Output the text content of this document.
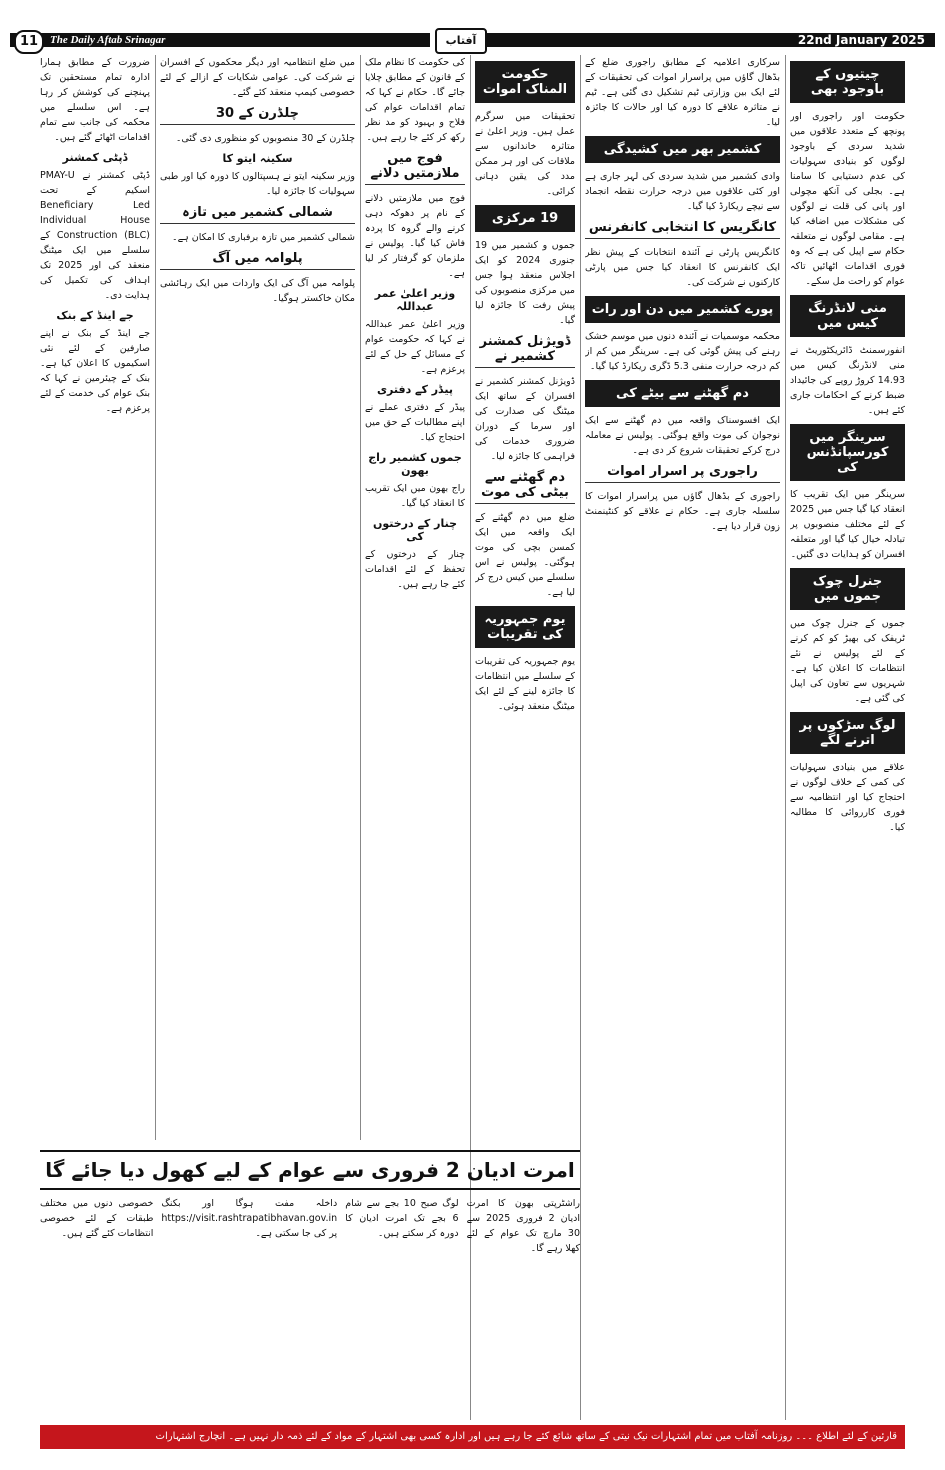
11	The Daily Aftab Srinagar	آفتاب	22nd January 2025
چیتیوں کے باوجود بھی

حکومت اور راجوری اور پونچھ کے متعدد علاقوں میں شدید سردی کے باوجود لوگوں کو بنیادی سہولیات کی عدم دستیابی کا سامنا ہے۔ بجلی کی آنکھ مچولی اور پانی کی قلت نے لوگوں کی مشکلات میں اضافہ کیا ہے۔ مقامی لوگوں نے متعلقہ حکام سے اپیل کی ہے کہ وہ فوری اقدامات اٹھائیں تاکہ عوام کو راحت مل سکے۔

منی لانڈرنگ کیس میں

انفورسمنٹ ڈائریکٹوریٹ نے منی لانڈرنگ کیس میں 14.93 کروڑ روپے کی جائیداد ضبط کرنے کے احکامات جاری کئے ہیں۔

سرینگر میں کورسپانڈنس کی

سرینگر میں ایک تقریب کا انعقاد کیا گیا جس میں 2025 کے لئے مختلف منصوبوں پر تبادلہ خیال کیا گیا اور متعلقہ افسران کو ہدایات دی گئیں۔

جنرل چوک جموں میں

جموں کے جنرل چوک میں ٹریفک کی بھیڑ کو کم کرنے کے لئے پولیس نے نئے انتظامات کا اعلان کیا ہے۔ شہریوں سے تعاون کی اپیل کی گئی ہے۔

لوگ سڑکوں پر اترنے لگے

علاقے میں بنیادی سہولیات کی کمی کے خلاف لوگوں نے احتجاج کیا اور انتظامیہ سے فوری کارروائی کا مطالبہ کیا۔

سرکاری اعلامیہ کے مطابق راجوری ضلع کے بڈھال گاؤں میں پراسرار اموات کی تحقیقات کے لئے ایک بین وزارتی ٹیم تشکیل دی گئی ہے۔ ٹیم نے متاثرہ علاقے کا دورہ کیا اور حالات کا جائزہ لیا۔

کشمیر بھر میں کشیدگی

وادی کشمیر میں شدید سردی کی لہر جاری ہے اور کئی علاقوں میں درجہ حرارت نقطہ انجماد سے نیچے ریکارڈ کیا گیا۔

کانگریس کا انتخابی کانفرنس

کانگریس پارٹی نے آئندہ انتخابات کے پیش نظر ایک کانفرنس کا انعقاد کیا جس میں پارٹی کارکنوں نے شرکت کی۔

پورے کشمیر میں دن اور رات

محکمہ موسمیات نے آئندہ دنوں میں موسم خشک رہنے کی پیش گوئی کی ہے۔ سرینگر میں کم از کم درجہ حرارت منفی 5.3 ڈگری ریکارڈ کیا گیا۔

دم گھٹنے سے بیٹے کی

ایک افسوسناک واقعہ میں دم گھٹنے سے ایک نوجوان کی موت واقع ہوگئی۔ پولیس نے معاملہ درج کرکے تحقیقات شروع کر دی ہے۔

راجوری پر اسرار اموات

راجوری کے بڈھال گاؤں میں پراسرار اموات کا سلسلہ جاری ہے۔ حکام نے علاقے کو کنٹینمنٹ زون قرار دیا ہے۔

حکومت المناک اموات

تحقیقات میں سرگرم عمل ہیں۔ وزیر اعلیٰ نے متاثرہ خاندانوں سے ملاقات کی اور ہر ممکن مدد کی یقین دہانی کرائی۔

19 مرکزی

جموں و کشمیر میں 19 جنوری 2024 کو ایک اجلاس منعقد ہوا جس میں مرکزی منصوبوں کی پیش رفت کا جائزہ لیا گیا۔

ڈویژنل کمشنر کشمیر نے

ڈویژنل کمشنر کشمیر نے افسران کے ساتھ ایک میٹنگ کی صدارت کی اور سرما کے دوران ضروری خدمات کی فراہمی کا جائزہ لیا۔

دم گھٹنے سے بیٹی کی موت

ضلع میں دم گھٹنے کے ایک واقعہ میں ایک کمسن بچی کی موت ہوگئی۔ پولیس نے اس سلسلے میں کیس درج کر لیا ہے۔

یوم جمہوریہ کی تقریبات

یوم جمہوریہ کی تقریبات کے سلسلے میں انتظامات کا جائزہ لینے کے لئے ایک میٹنگ منعقد ہوئی۔

کی حکومت کا نظام ملک کے قانون کے مطابق چلایا جائے گا۔ حکام نے کہا کہ تمام اقدامات عوام کی فلاح و بہبود کو مد نظر رکھ کر کئے جا رہے ہیں۔

فوج میں ملازمتیں دلانے

فوج میں ملازمتیں دلانے کے نام پر دھوکہ دہی کرنے والے گروہ کا پردہ فاش کیا گیا۔ پولیس نے ملزمان کو گرفتار کر لیا ہے۔

وزیر اعلیٰ عمر عبداللہ

وزیر اعلیٰ عمر عبداللہ نے کہا کہ حکومت عوام کے مسائل کے حل کے لئے پرعزم ہے۔

پیڈر کے دفتری

پیڈر کے دفتری عملے نے اپنے مطالبات کے حق میں احتجاج کیا۔

جموں کشمیر راج بھون

راج بھون میں ایک تقریب کا انعقاد کیا گیا۔

چنار کے درختوں کی

چنار کے درختوں کے تحفظ کے لئے اقدامات کئے جا رہے ہیں۔

میں ضلع انتظامیہ اور دیگر محکموں کے افسران نے شرکت کی۔ عوامی شکایات کے ازالے کے لئے خصوصی کیمپ منعقد کئے گئے۔

چلڈرن کے 30

چلڈرن کے 30 منصوبوں کو منظوری دی گئی۔

سکینہ ایتو کا

وزیر سکینہ ایتو نے ہسپتالوں کا دورہ کیا اور طبی سہولیات کا جائزہ لیا۔

شمالی کشمیر میں تازہ

شمالی کشمیر میں تازہ برفباری کا امکان ہے۔

پلوامہ میں آگ

پلوامہ میں آگ کی ایک واردات میں ایک رہائشی مکان خاکستر ہوگیا۔

ضرورت کے مطابق ہمارا ادارہ تمام مستحقین تک پہنچنے کی کوشش کر رہا ہے۔ اس سلسلے میں محکمہ کی جانب سے تمام اقدامات اٹھائے گئے ہیں۔

ڈپٹی کمشنر

ڈپٹی کمشنر نے PMAY-U اسکیم کے تحت Beneficiary Led Individual House Construction (BLC) کے سلسلے میں ایک میٹنگ منعقد کی اور 2025 تک اہداف کی تکمیل کی ہدایت دی۔

جے اینڈ کے بنک

جے اینڈ کے بنک نے اپنے صارفین کے لئے نئی اسکیموں کا اعلان کیا ہے۔ بنک کے چیئرمین نے کہا کہ بنک عوام کی خدمت کے لئے پرعزم ہے۔

امرت ادیان 2 فروری سے عوام کے لیے کھول دیا جائے گا

راشٹرپتی بھون کا امرت ادیان 2 فروری 2025 سے 30 مارچ تک عوام کے لئے کھلا رہے گا۔

لوگ صبح 10 بجے سے شام 6 بجے تک امرت ادیان کا دورہ کر سکتے ہیں۔

داخلہ مفت ہوگا اور بکنگ https://visit.rashtrapatibhavan.gov.in پر کی جا سکتی ہے۔

خصوصی دنوں میں مختلف طبقات کے لئے خصوصی انتظامات کئے گئے ہیں۔

قارئین کے لئے اطلاع ۔۔۔ روزنامہ آفتاب میں تمام اشتہارات نیک نیتی کے ساتھ شائع کئے جا رہے ہیں اور ادارہ کسی بھی اشتہار کے مواد کے لئے ذمہ دار نہیں ہے۔ انچارج اشتہارات
